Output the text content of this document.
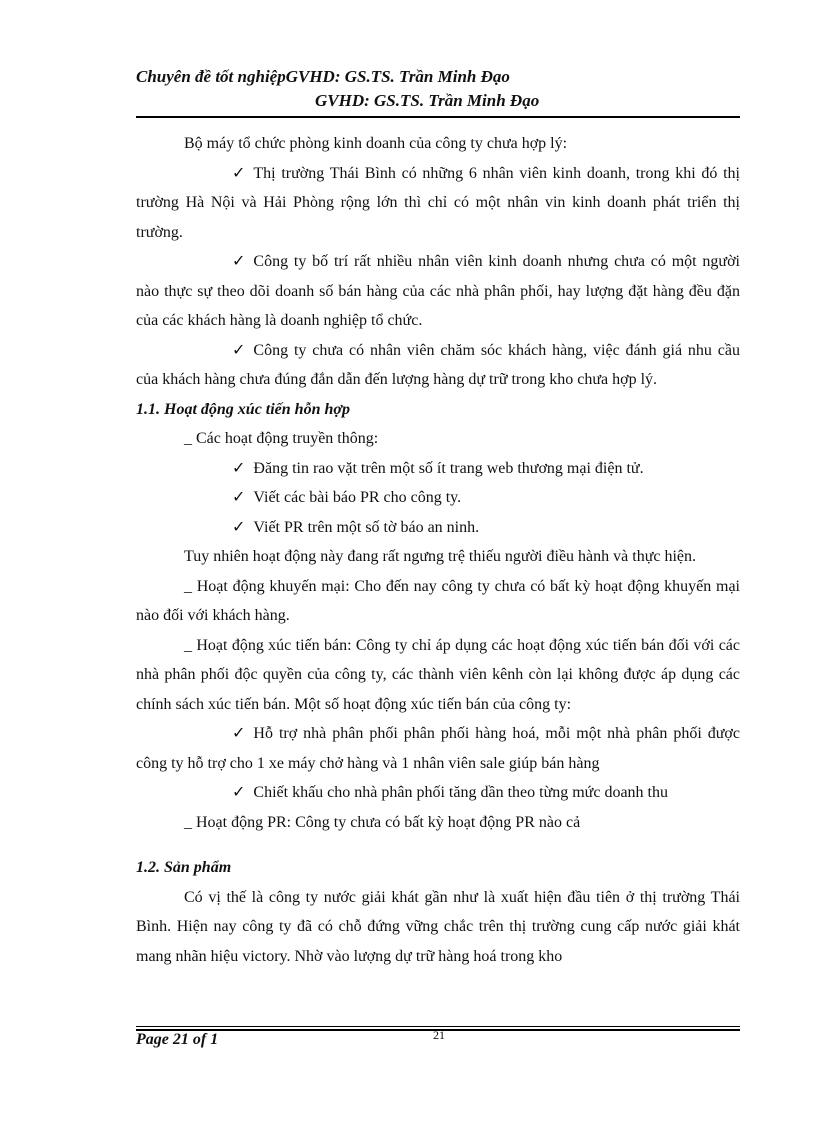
Chuyên đề tốt nghiệpGVHD: GS.TS. Trần Minh Đạo
GVHD: GS.TS. Trần Minh Đạo

Bộ máy tổ chức phòng kinh doanh của công ty chưa hợp lý:

✓ Thị trường Thái Bình có những 6 nhân viên kinh doanh, trong khi đó thị trường Hà Nội và Hải Phòng rộng lớn thì chỉ có một nhân vin kinh doanh phát triển thị trường.

✓ Công ty bố trí rất nhiều nhân viên kinh doanh nhưng chưa có một người nào thực sự theo dõi doanh số bán hàng của các nhà phân phối, hay lượng đặt hàng đều đặn của các khách hàng là doanh nghiệp tổ chức.

✓ Công ty chưa có nhân viên chăm sóc khách hàng, việc đánh giá nhu cầu của khách hàng chưa đúng đắn dẫn đến lượng hàng dự trữ trong kho chưa hợp lý.

1.1. Hoạt động xúc tiến hỗn hợp

_ Các hoạt động truyền thông:

✓ Đăng tin rao vặt trên một số ít trang web thương mại điện tử.

✓ Viết các bài báo PR cho công ty.

✓ Viết PR trên một số tờ báo an ninh.

Tuy nhiên hoạt động này đang rất ngưng trệ thiếu người điều hành và thực hiện.

_ Hoạt động khuyến mại: Cho đến nay công ty chưa có bất kỳ hoạt động khuyến mại nào đối với khách hàng.

_ Hoạt động xúc tiến bán: Công ty chỉ áp dụng các hoạt động xúc tiến bán đối với các nhà phân phối độc quyền của công ty, các thành viên kênh còn lại không được áp dụng các chính sách xúc tiến bán. Một số hoạt động xúc tiến bán của công ty:

✓ Hỗ trợ nhà phân phối phân phối hàng hoá, mỗi một nhà phân phối được công ty hỗ trợ cho 1 xe máy chở hàng và 1 nhân viên sale giúp bán hàng

✓ Chiết khấu cho nhà phân phối tăng dần theo từng mức doanh thu

_ Hoạt động PR: Công ty chưa có bất kỳ hoạt động PR nào cả

1.2. Sản phẩm

Có vị thế là công ty nước giải khát gần như là xuất hiện đầu tiên ở thị trường Thái Bình. Hiện nay công ty đã có chỗ đứng vững chắc trên thị trường cung cấp nước giải khát mang nhãn hiệu victory. Nhờ vào lượng dự trữ hàng hoá trong kho

Page 21 of 1	21
